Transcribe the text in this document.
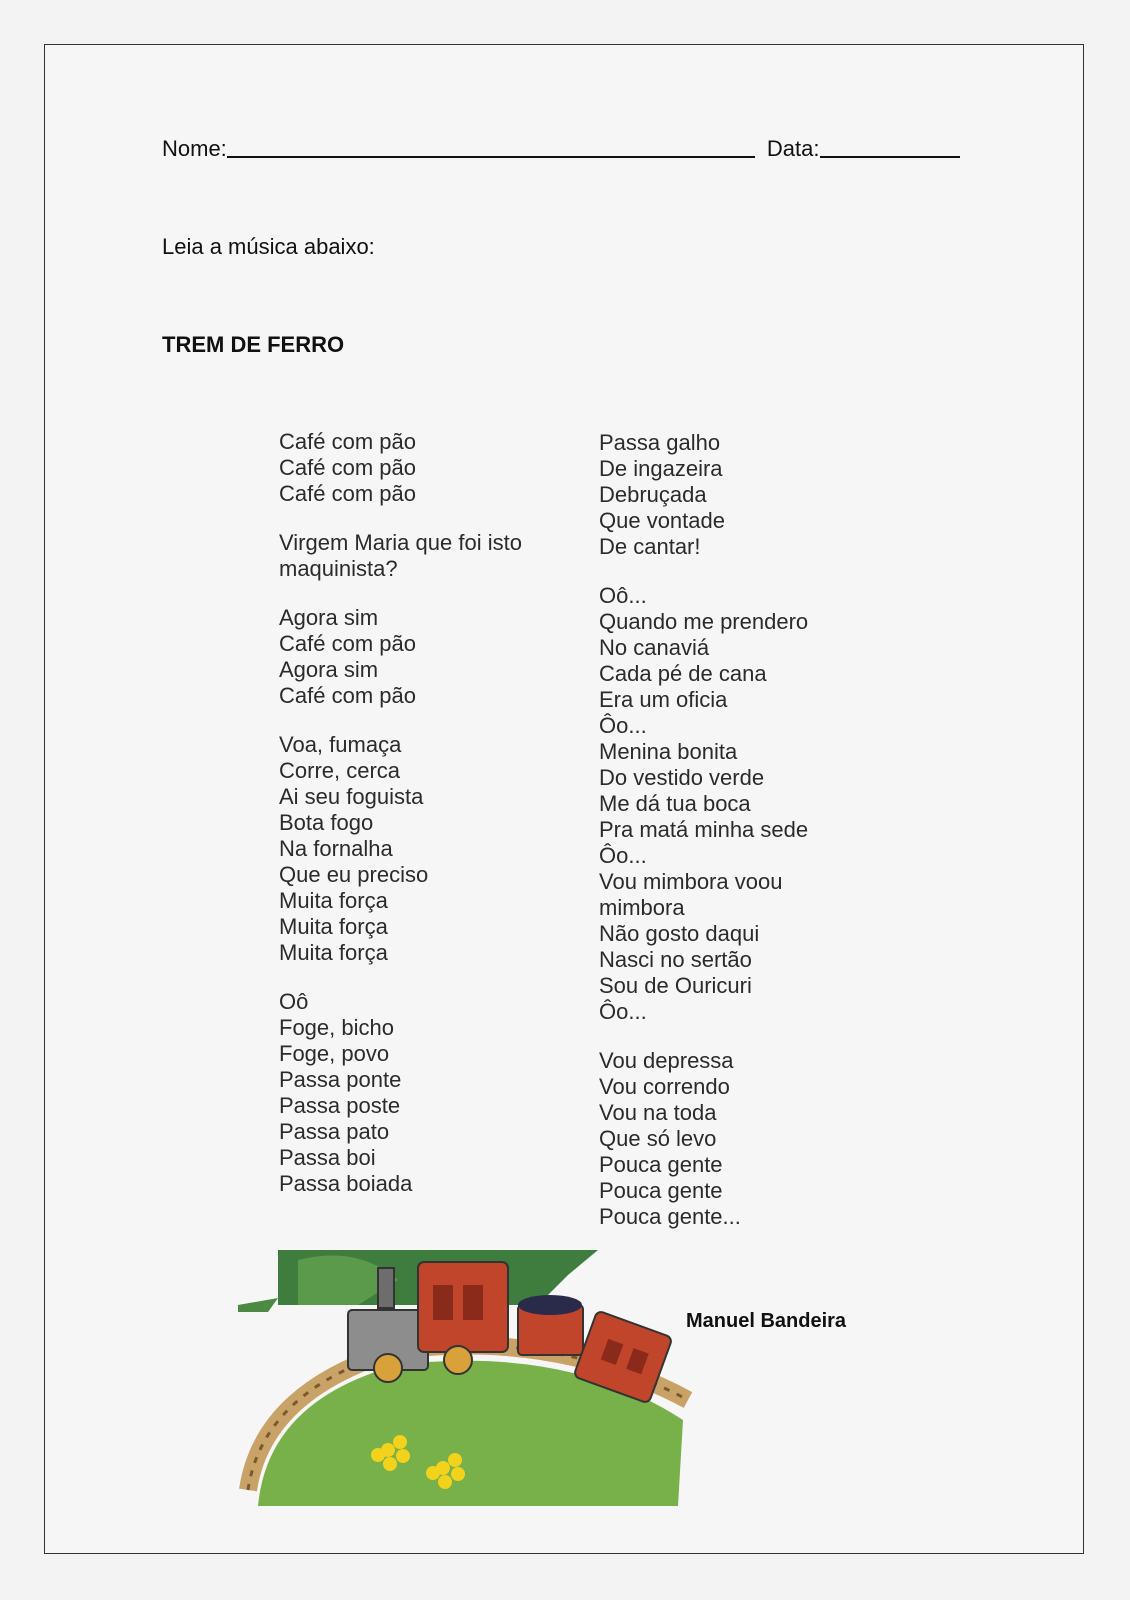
Nome:	Data:
Leia a música abaixo:
TREM DE FERRO
Café com pão
Café com pão
Café com pão
Virgem Maria que foi isto
maquinista?
Agora sim
Café com pão
Agora sim
Café com pão
Voa, fumaça
Corre, cerca
Ai seu foguista
Bota fogo
Na fornalha
Que eu preciso
Muita força
Muita força
Muita força
Oô
Foge, bicho
Foge, povo
Passa ponte
Passa poste
Passa pato
Passa boi
Passa boiada
Passa galho
De ingazeira
Debruçada
Que vontade
De cantar!
Oô...
Quando me prendero
No canaviá
Cada pé de cana
Era um oficia
Ôo...
Menina bonita
Do vestido verde
Me dá tua boca
Pra matá minha sede
Ôo...
Vou mimbora voou
mimbora
Não gosto daqui
Nasci no sertão
Sou de Ouricuri
Ôo...
Vou depressa
Vou correndo
Vou na toda
Que só levo
Pouca gente
Pouca gente
Pouca gente...
Manuel Bandeira
